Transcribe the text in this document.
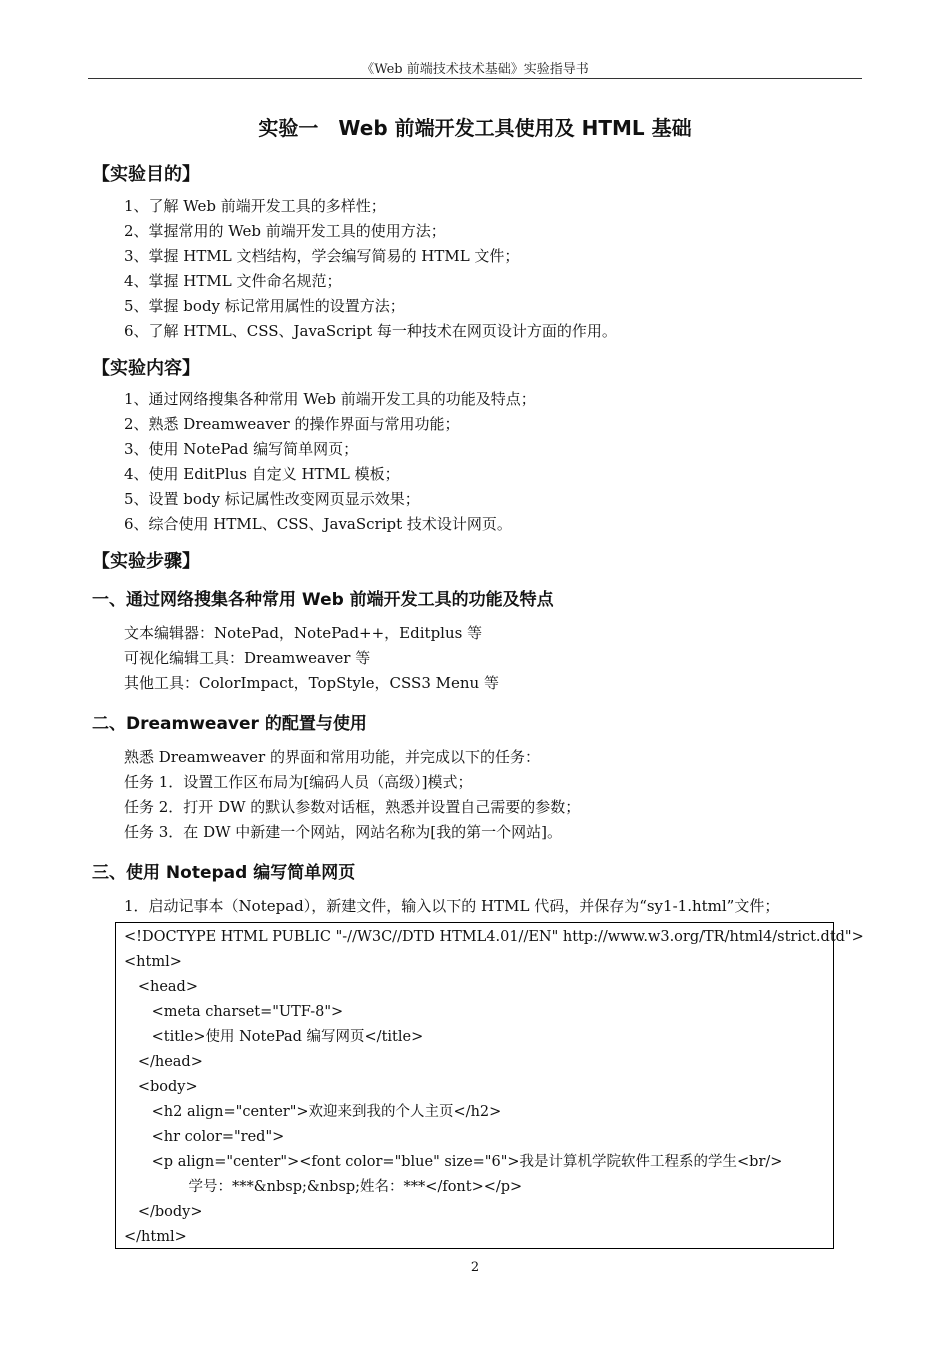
《Web 前端技术技术基础》实验指导书
实验一　Web 前端开发工具使用及 HTML 基础
【实验目的】
1、了解 Web 前端开发工具的多样性；
2、掌握常用的 Web 前端开发工具的使用方法；
3、掌握 HTML 文档结构，学会编写简易的 HTML 文件；
4、掌握 HTML 文件命名规范；
5、掌握 body 标记常用属性的设置方法；
6、了解 HTML、CSS、JavaScript 每一种技术在网页设计方面的作用。
【实验内容】
1、通过网络搜集各种常用 Web 前端开发工具的功能及特点；
2、熟悉 Dreamweaver 的操作界面与常用功能；
3、使用 NotePad 编写简单网页；
4、使用 EditPlus 自定义 HTML 模板；
5、设置 body 标记属性改变网页显示效果；
6、综合使用 HTML、CSS、JavaScript 技术设计网页。
【实验步骤】
一、通过网络搜集各种常用 Web 前端开发工具的功能及特点
文本编辑器：NotePad，NotePad++，Editplus 等
可视化编辑工具：Dreamweaver 等
其他工具：ColorImpact，TopStyle，CSS3 Menu 等
二、Dreamweaver 的配置与使用
熟悉 Dreamweaver 的界面和常用功能，并完成以下的任务：
任务 1．设置工作区布局为[编码人员（高级）]模式；
任务 2．打开 DW 的默认参数对话框，熟悉并设置自己需要的参数；
任务 3．在 DW 中新建一个网站，网站名称为[我的第一个网站]。
三、使用 Notepad 编写简单网页
1．启动记事本（Notepad），新建文件，输入以下的 HTML 代码，并保存为“sy1-1.html”文件；
<!DOCTYPE HTML PUBLIC "-//W3C//DTD HTML4.01//EN" http://www.w3.org/TR/html4/strict.dtd">
<html>
<head>
<meta charset="UTF-8">
<title>使用 NotePad 编写网页</title>
</head>
<body>
<h2 align="center">欢迎来到我的个人主页</h2>
<hr color="red">
<p align="center"><font color="blue" size="6">我是计算机学院软件工程系的学生<br/>
学号：***&nbsp;&nbsp;姓名：***</font></p>
</body>
</html>
2
